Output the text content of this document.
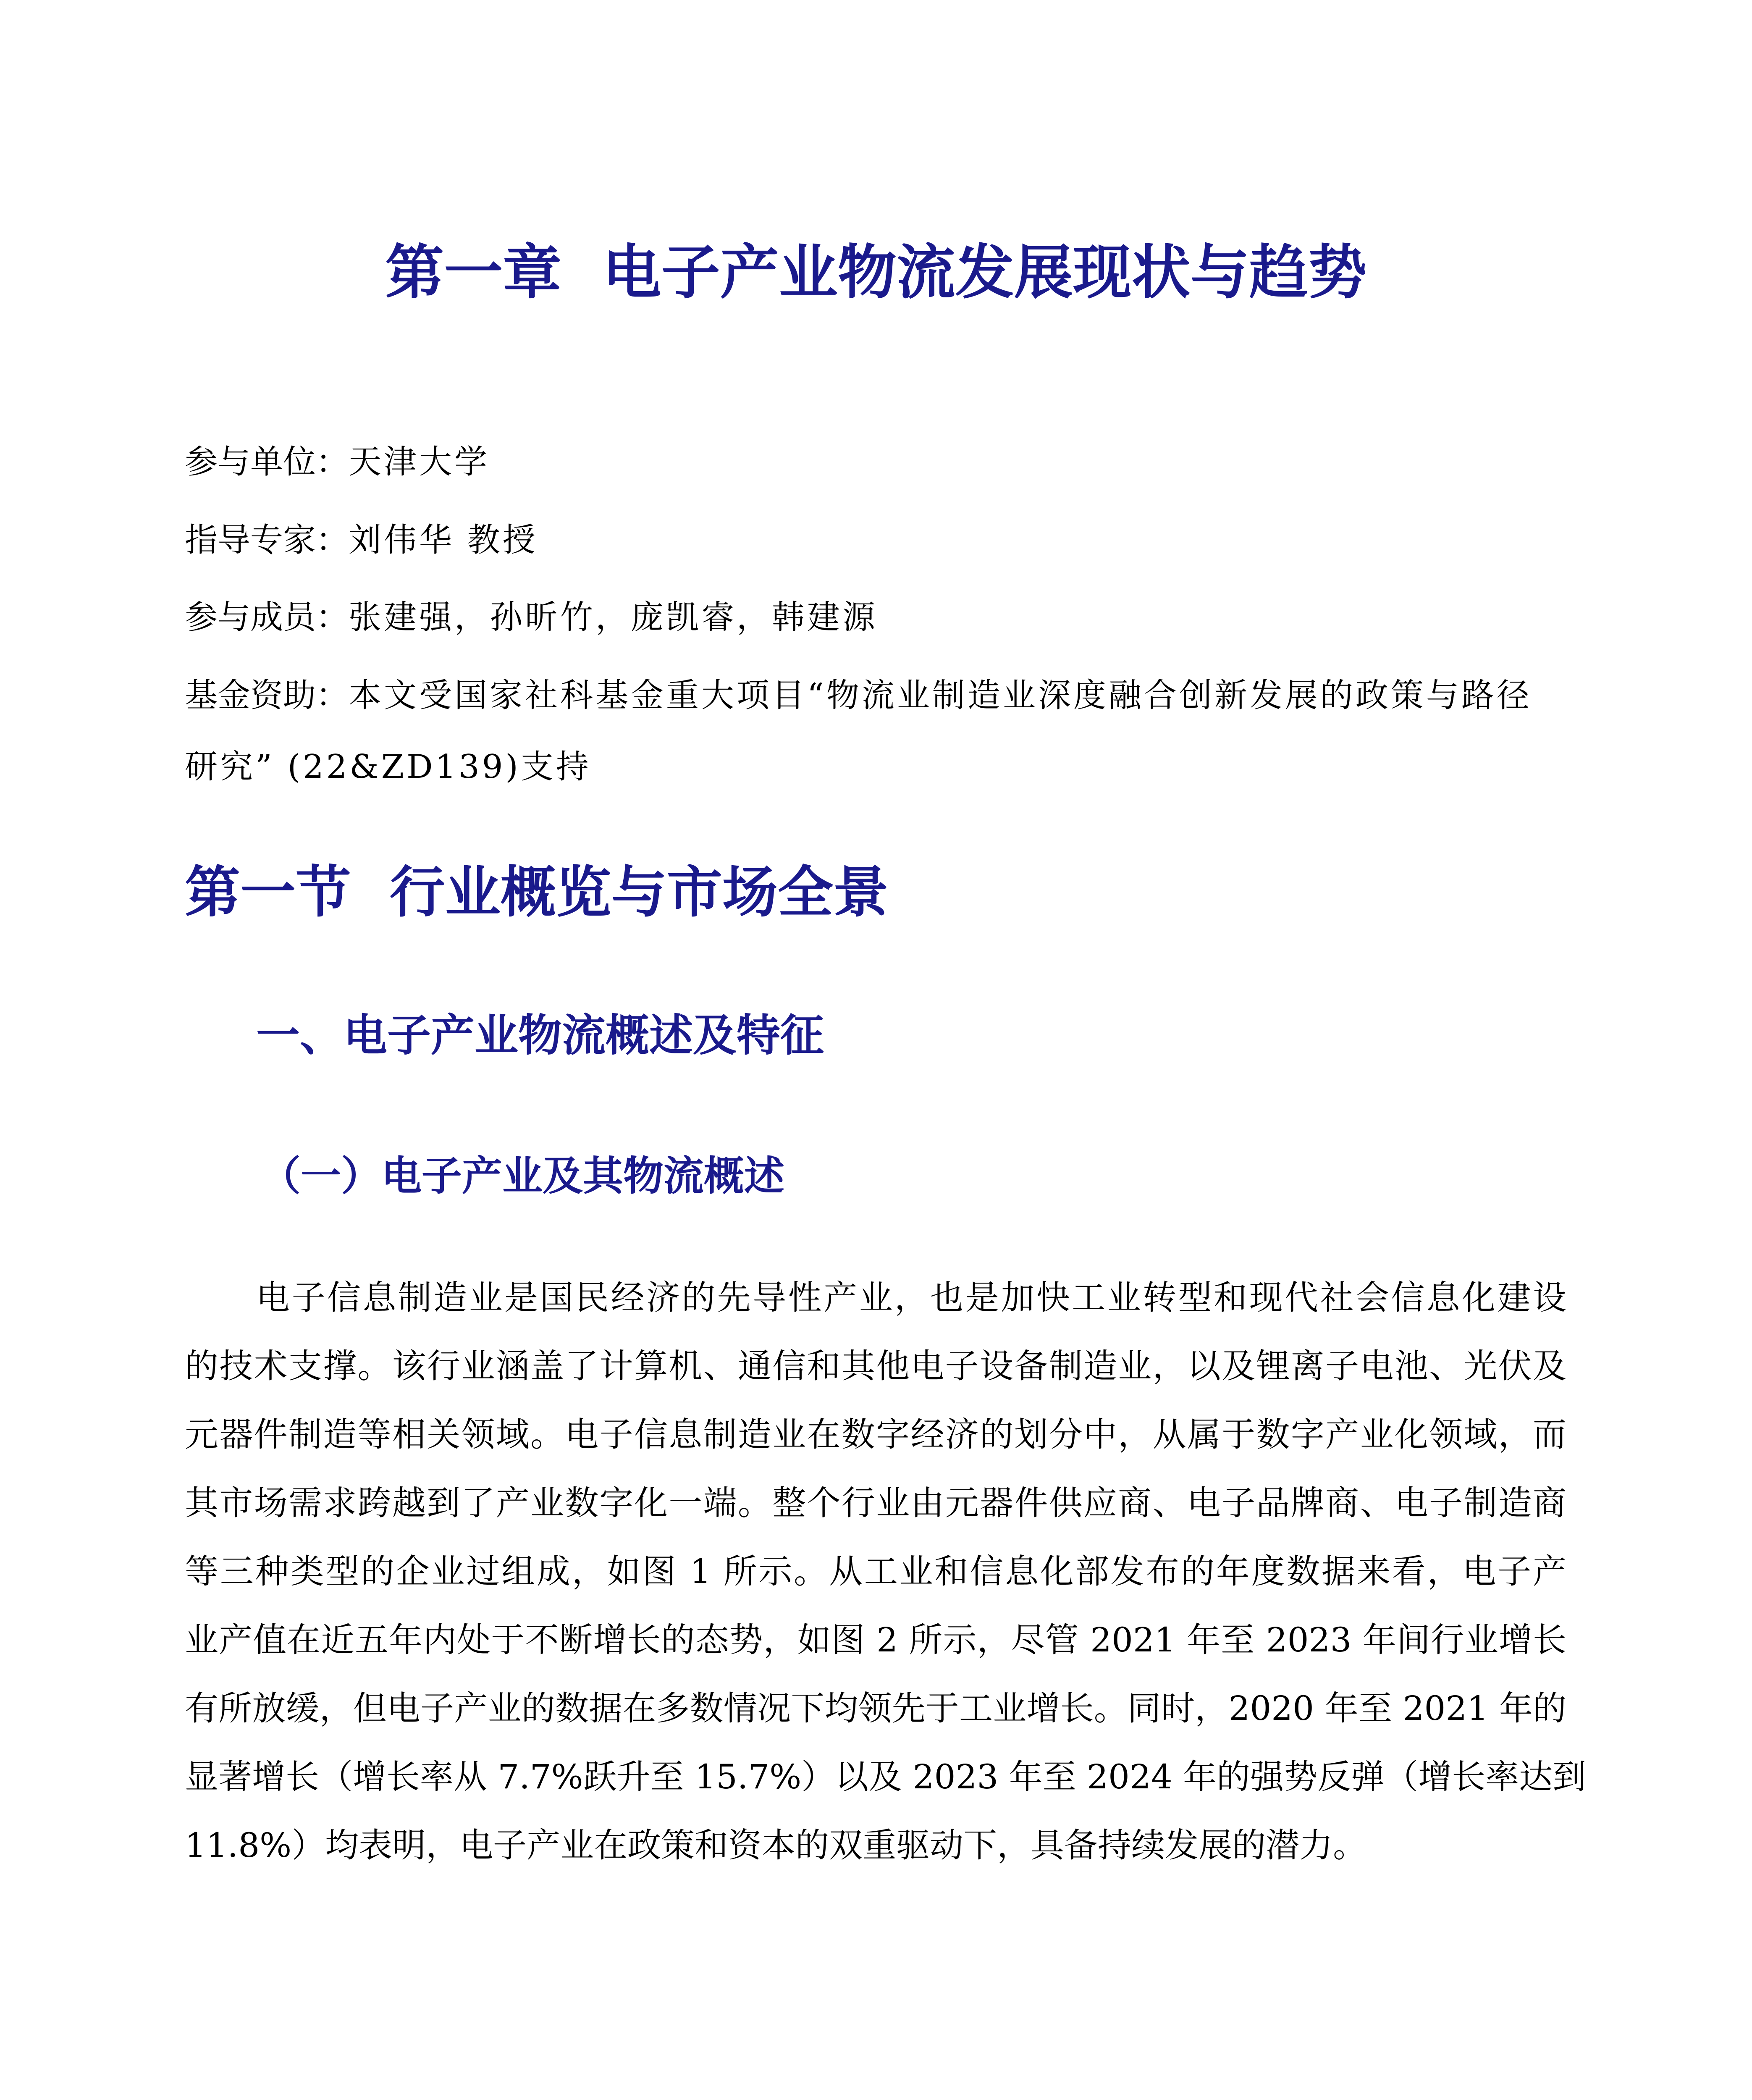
第一章  电子产业物流发展现状与趋势
参与单位：天津大学
指导专家：刘伟华 教授
参与成员：张建强，孙昕竹，庞凯睿，韩建源
基金资助：本文受国家社科基金重大项目“物流业制造业深度融合创新发展的政策与路径
研究” (22&ZD139)支持
第一节  行业概览与市场全景
一、电子产业物流概述及特征
（一）电子产业及其物流概述
电子信息制造业是国民经济的先导性产业，也是加快工业转型和现代社会信息化建设
的技术支撑。该行业涵盖了计算机、通信和其他电子设备制造业，以及锂离子电池、光伏及
元器件制造等相关领域。电子信息制造业在数字经济的划分中，从属于数字产业化领域，而
其市场需求跨越到了产业数字化一端。整个行业由元器件供应商、电子品牌商、电子制造商
等三种类型的企业过组成，如图 1 所示。从工业和信息化部发布的年度数据来看，电子产
业产值在近五年内处于不断增长的态势，如图 2 所示，尽管 2021 年至 2023 年间行业增长
有所放缓，但电子产业的数据在多数情况下均领先于工业增长。同时，2020 年至 2021 年的
显著增长（增长率从 7.7%跃升至 15.7%）以及 2023 年至 2024 年的强势反弹（增长率达到
11.8%）均表明，电子产业在政策和资本的双重驱动下，具备持续发展的潜力。
